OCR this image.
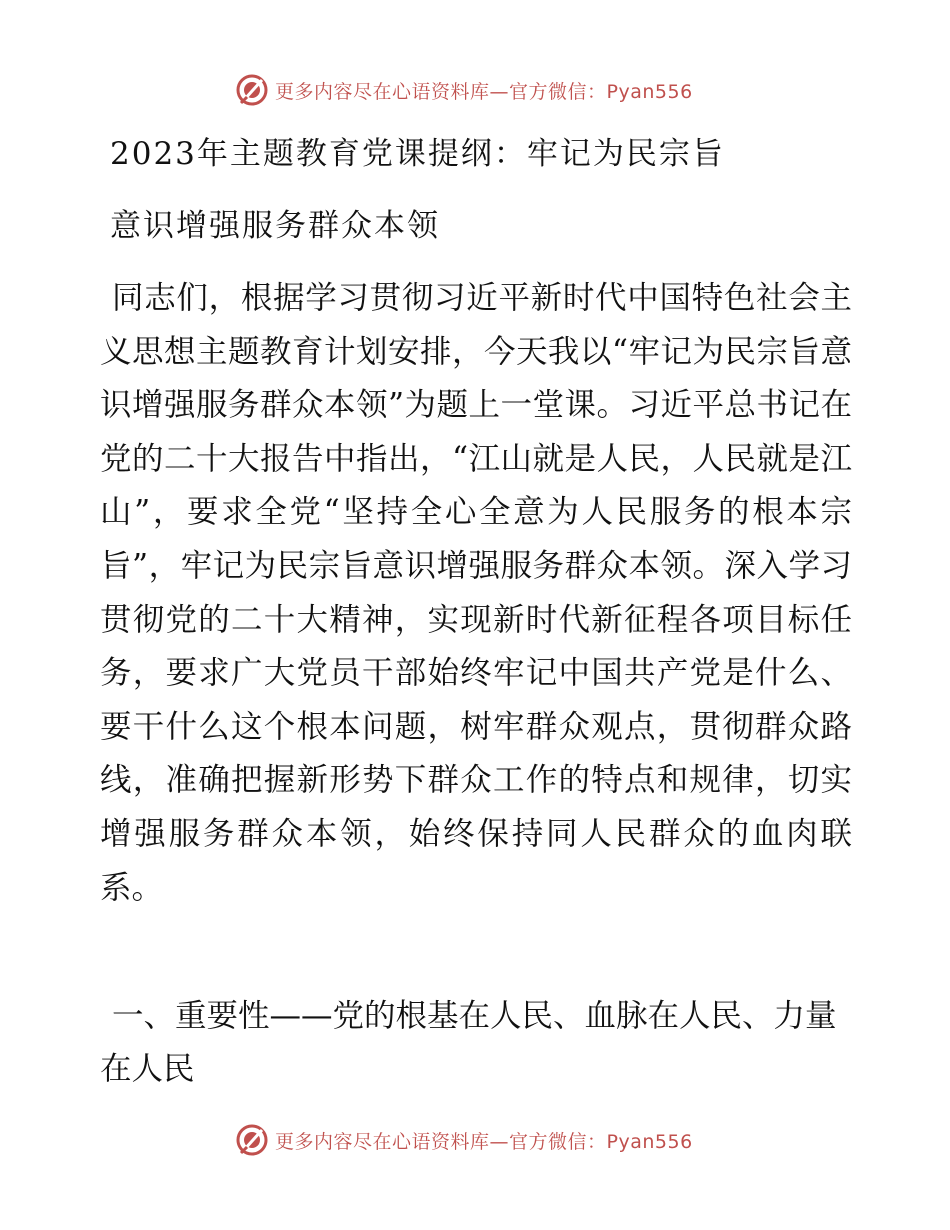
更多内容尽在心语资料库—官方微信：Pyan556
2023年主题教育党课提纲：牢记为民宗旨
意识增强服务群众本领

同志们，根据学习贯彻习近平新时代中国特色社会主义思想主题教育计划安排，今天我以“牢记为民宗旨意识增强服务群众本领”为题上一堂课。习近平总书记在党的二十大报告中指出，“江山就是人民，人民就是江山”，要求全党“坚持全心全意为人民服务的根本宗旨”，牢记为民宗旨意识增强服务群众本领。深入学习贯彻党的二十大精神，实现新时代新征程各项目标任务，要求广大党员干部始终牢记中国共产党是什么、要干什么这个根本问题，树牢群众观点，贯彻群众路线，准确把握新形势下群众工作的特点和规律，切实增强服务群众本领，始终保持同人民群众的血肉联系。

一、重要性——党的根基在人民、血脉在人民、力量在人民

更多内容尽在心语资料库—官方微信：Pyan556
